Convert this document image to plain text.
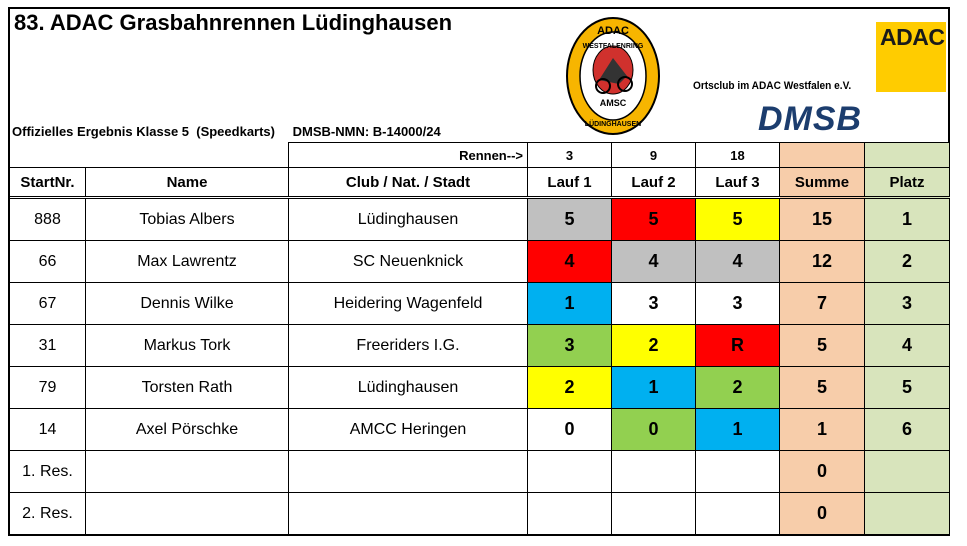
83. ADAC Grasbahnrennen Lüdinghausen
Offizielles Ergebnis Klasse 5  (Speedkarts) DMSB-NMN: B-14000/24
ADAC
WESTFALENRING
AMSC
LÜDINGHAUSEN
ADAC
Ortsclub im ADAC Westfalen e.V.
DMSB
		Rennen-->	3	9	18		
StartNr.	Name	Club / Nat. / Stadt	Lauf 1	Lauf 2	Lauf 3	Summe	Platz
888	Tobias Albers	Lüdinghausen	5	5	5	15	1
66	Max Lawrentz	SC Neuenknick	4	4	4	12	2
67	Dennis Wilke	Heidering Wagenfeld	1	3	3	7	3
31	Markus Tork	Freeriders I.G.	3	2	R	5	4
79	Torsten Rath	Lüdinghausen	2	1	2	5	5
14	Axel Pörschke	AMCC Heringen	0	0	1	1	6
1. Res.						0	
2. Res.						0	
